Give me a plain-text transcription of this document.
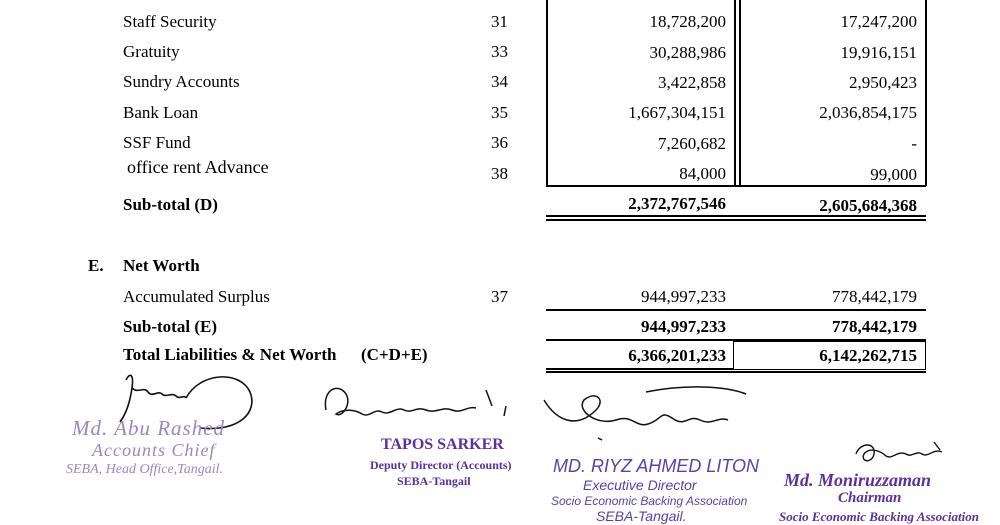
Staff Security	31	18,728,200	17,247,200
Gratuity	33	30,288,986	19,916,151
Sundry Accounts	34	3,422,858	2,950,423
Bank Loan	35	1,667,304,151	2,036,854,175
SSF Fund	36	7,260,682	-
office rent Advance	38	84,000	99,000
Sub-total (D)	2,372,767,546	2,605,684,368
E. Net Worth
Accumulated Surplus	37	944,997,233	778,442,179
Sub-total (E)	944,997,233	778,442,179
Total Liabilities & Net Worth (C+D+E)	6,366,201,233	6,142,262,715
Md. Abu Rashed
Accounts Chief
SEBA, Head Office,Tangail.
TAPOS SARKER
Deputy Director (Accounts)
SEBA-Tangail
MD. RIYZ AHMED LITON
Executive Director
Socio Economic Backing Association
SEBA-Tangail.
Md. Moniruzzaman
Chairman
Socio Economic Backing Association
